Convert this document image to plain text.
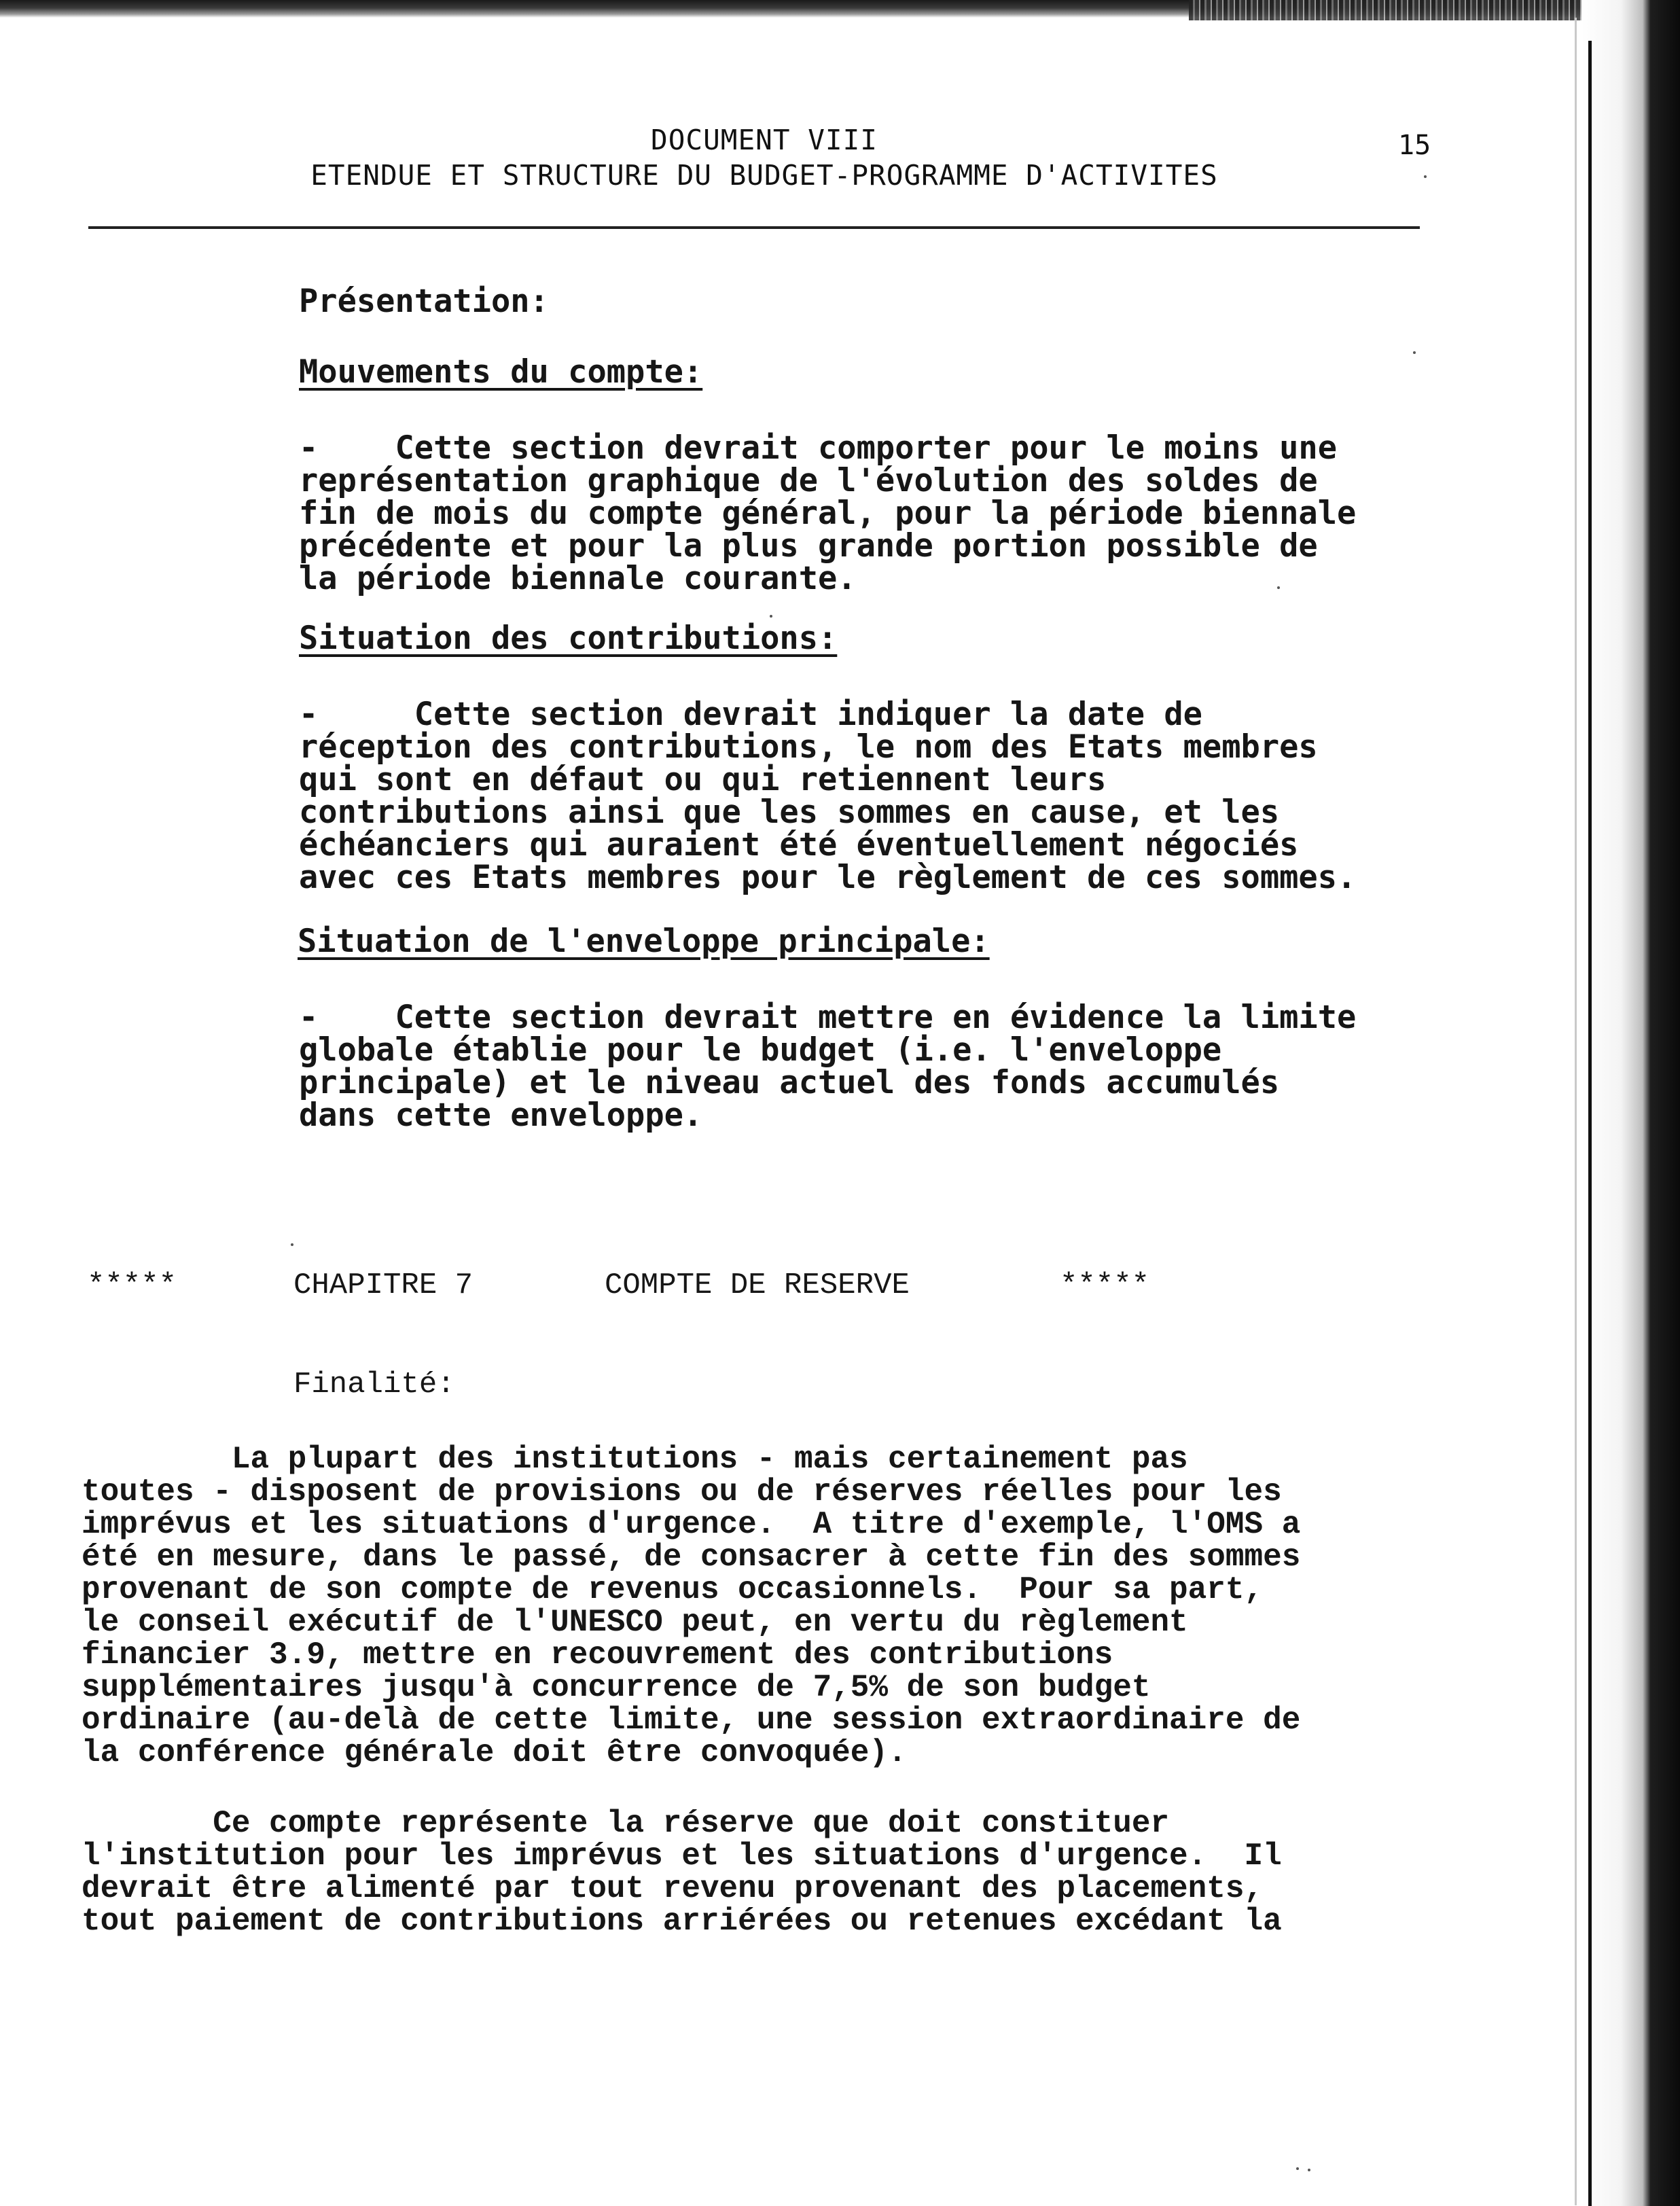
15
DOCUMENT VIII
ETENDUE ET STRUCTURE DU BUDGET-PROGRAMME D'ACTIVITES
Présentation:
Mouvements du compte:
-    Cette section devrait comporter pour le moins une
représentation graphique de l'évolution des soldes de
fin de mois du compte général, pour la période biennale
précédente et pour la plus grande portion possible de
la période biennale courante.
Situation des contributions:
-     Cette section devrait indiquer la date de
réception des contributions, le nom des Etats membres
qui sont en défaut ou qui retiennent leurs
contributions ainsi que les sommes en cause, et les
échéanciers qui auraient été éventuellement négociés
avec ces Etats membres pour le règlement de ces sommes.
Situation de l'enveloppe principale:
-    Cette section devrait mettre en évidence la limite
globale établie pour le budget (i.e. l'enveloppe
principale) et le niveau actuel des fonds accumulés
dans cette enveloppe.
*****	CHAPITRE 7	COMPTE DE RESERVE	*****
Finalité:
La plupart des institutions - mais certainement pas
toutes - disposent de provisions ou de réserves réelles pour les
imprévus et les situations d'urgence.  A titre d'exemple, l'OMS a
été en mesure, dans le passé, de consacrer à cette fin des sommes
provenant de son compte de revenus occasionnels.  Pour sa part,
le conseil exécutif de l'UNESCO peut, en vertu du règlement
financier 3.9, mettre en recouvrement des contributions
supplémentaires jusqu'à concurrence de 7,5% de son budget
ordinaire (au-delà de cette limite, une session extraordinaire de
la conférence générale doit être convoquée).
Ce compte représente la réserve que doit constituer
l'institution pour les imprévus et les situations d'urgence.  Il
devrait être alimenté par tout revenu provenant des placements,
tout paiement de contributions arriérées ou retenues excédant la
